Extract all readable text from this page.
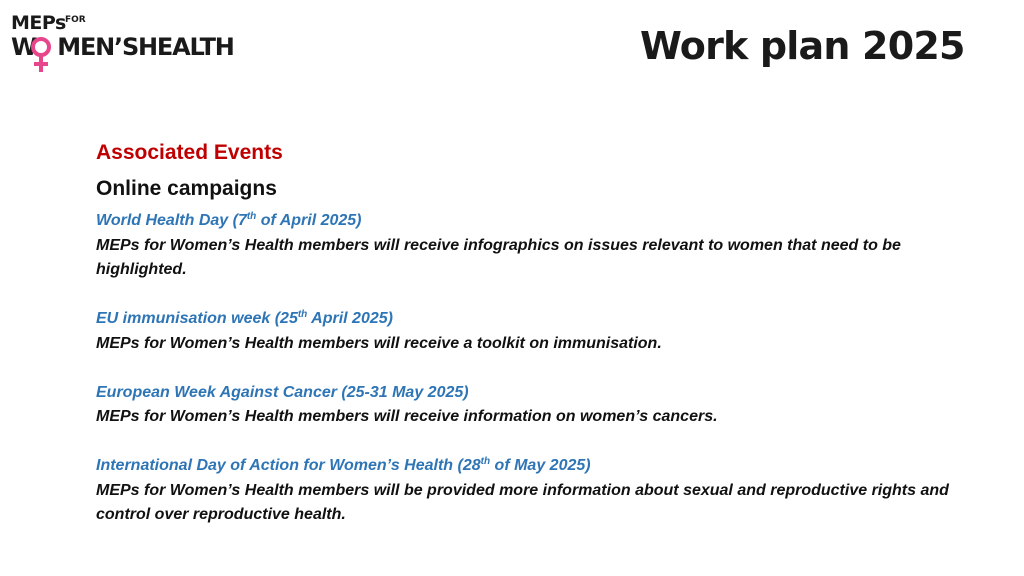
MEPs FOR
W MEN’SHEALTH	Work plan 2025

Associated Events

Online campaigns

World Health Day (7th of April 2025)
MEPs for Women’s Health members will receive infographics on issues relevant to women that need to be highlighted.
EU immunisation week (25th April 2025)
MEPs for Women’s Health members will receive a toolkit on immunisation.
European Week Against Cancer (25-31 May 2025)
MEPs for Women’s Health members will receive information on women’s cancers.
International Day of Action for Women’s Health (28th of May 2025)
MEPs for Women’s Health members will be provided more information about sexual and reproductive rights and control over reproductive health.
